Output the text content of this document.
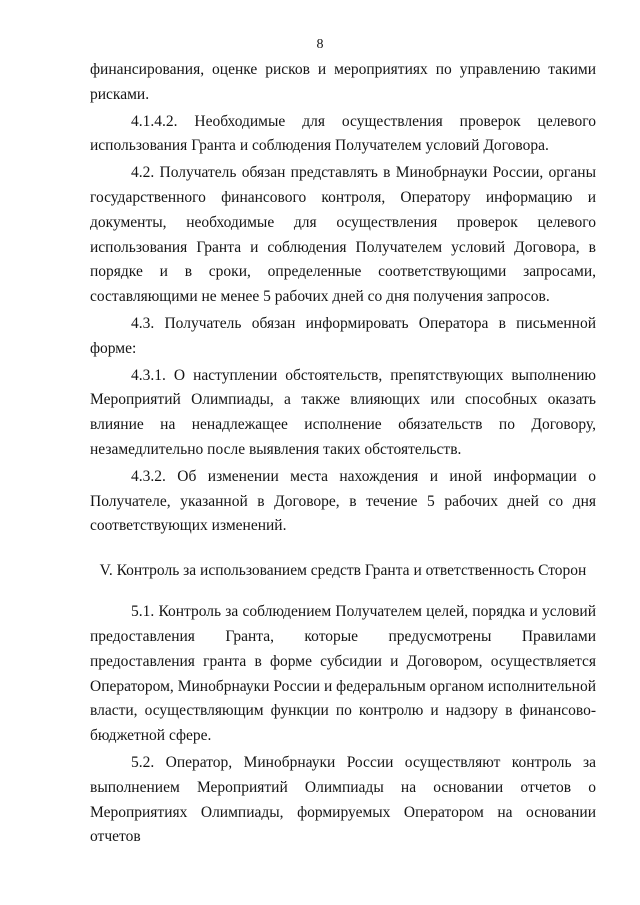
8

финансирования, оценке рисков и мероприятиях по управлению такими рисками.

4.1.4.2. Необходимые для осуществления проверок целевого использования Гранта и соблюдения Получателем условий Договора.

4.2. Получатель обязан представлять в Минобрнауки России, органы государственного финансового контроля, Оператору информацию и документы, необходимые для осуществления проверок целевого использования Гранта и соблюдения Получателем условий Договора, в порядке и в сроки, определенные соответствующими запросами, составляющими не менее 5 рабочих дней со дня получения запросов.

4.3. Получатель обязан информировать Оператора в письменной форме:

4.3.1. О наступлении обстоятельств, препятствующих выполнению Мероприятий Олимпиады, а также влияющих или способных оказать влияние на ненадлежащее исполнение обязательств по Договору, незамедлительно после выявления таких обстоятельств.

4.3.2. Об изменении места нахождения и иной информации о Получателе, указанной в Договоре, в течение 5 рабочих дней со дня соответствующих изменений.

V. Контроль за использованием средств Гранта и ответственность Сторон

5.1. Контроль за соблюдением Получателем целей, порядка и условий предоставления Гранта, которые предусмотрены Правилами предоставления гранта в форме субсидии и Договором, осуществляется Оператором, Минобрнауки России и федеральным органом исполнительной власти, осуществляющим функции по контролю и надзору в финансово-бюджетной сфере.

5.2. Оператор, Минобрнауки России осуществляют контроль за выполнением Мероприятий Олимпиады на основании отчетов о Мероприятиях Олимпиады, формируемых Оператором на основании отчетов
